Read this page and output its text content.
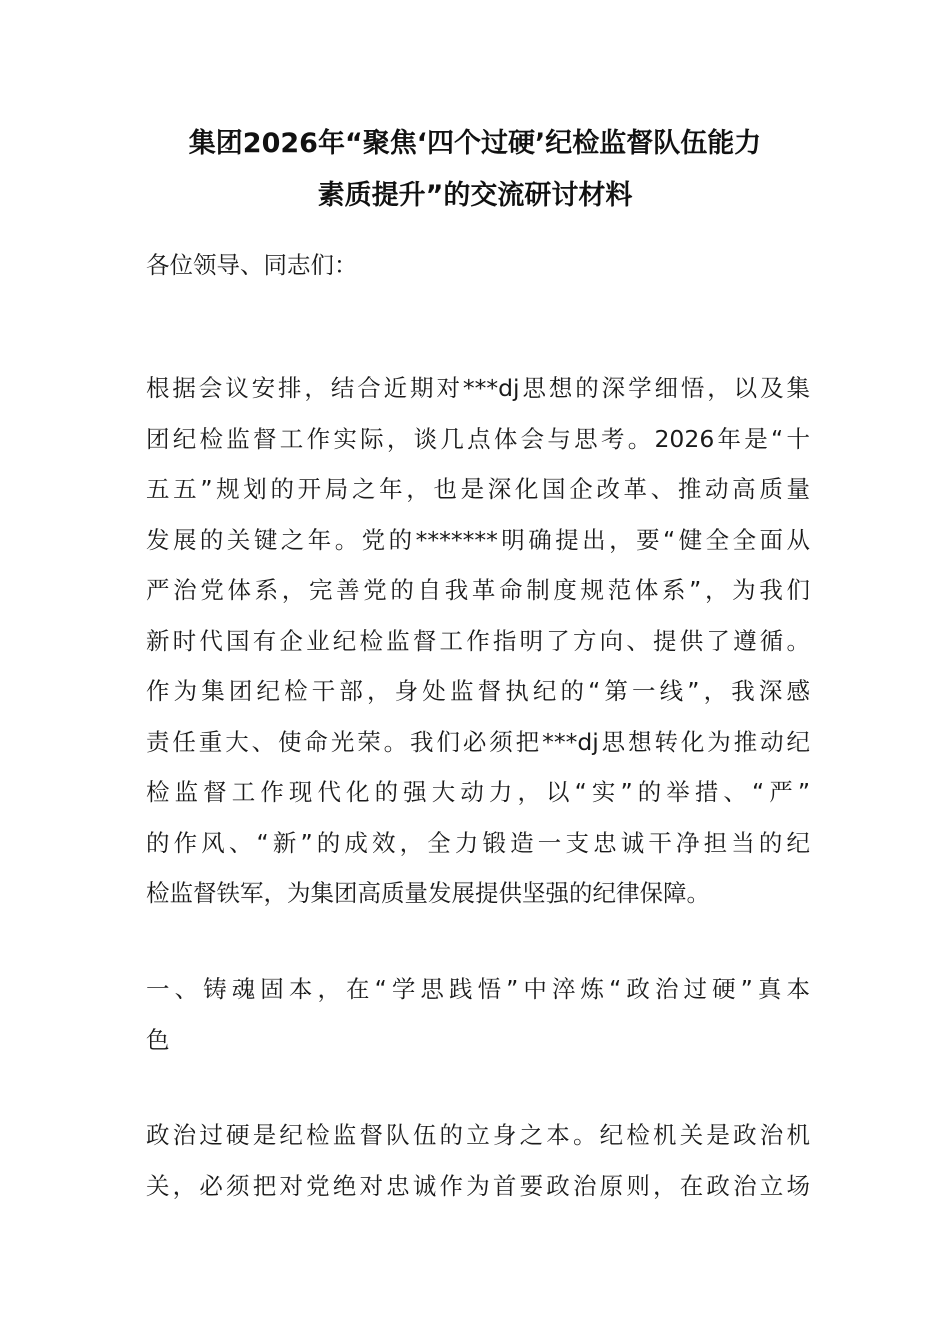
集团2026年“聚焦‘四个过硬’纪检监督队伍能力
素质提升”的交流研讨材料
各位领导、同志们：
根据会议安排，结合近期对***dj思想的深学细悟，以及集
团纪检监督工作实际，谈几点体会与思考。2026年是“十
五五”规划的开局之年，也是深化国企改革、推动高质量
发展的关键之年。党的*******明确提出，要“健全全面从
严治党体系，完善党的自我革命制度规范体系”，为我们
新时代国有企业纪检监督工作指明了方向、提供了遵循。
作为集团纪检干部，身处监督执纪的“第一线”，我深感
责任重大、使命光荣。我们必须把***dj思想转化为推动纪
检监督工作现代化的强大动力，以“实”的举措、“严”
的作风、“新”的成效，全力锻造一支忠诚干净担当的纪
检监督铁军，为集团高质量发展提供坚强的纪律保障。
一、铸魂固本，在“学思践悟”中淬炼“政治过硬”真本
色
政治过硬是纪检监督队伍的立身之本。纪检机关是政治机
关，必须把对党绝对忠诚作为首要政治原则，在政治立场
